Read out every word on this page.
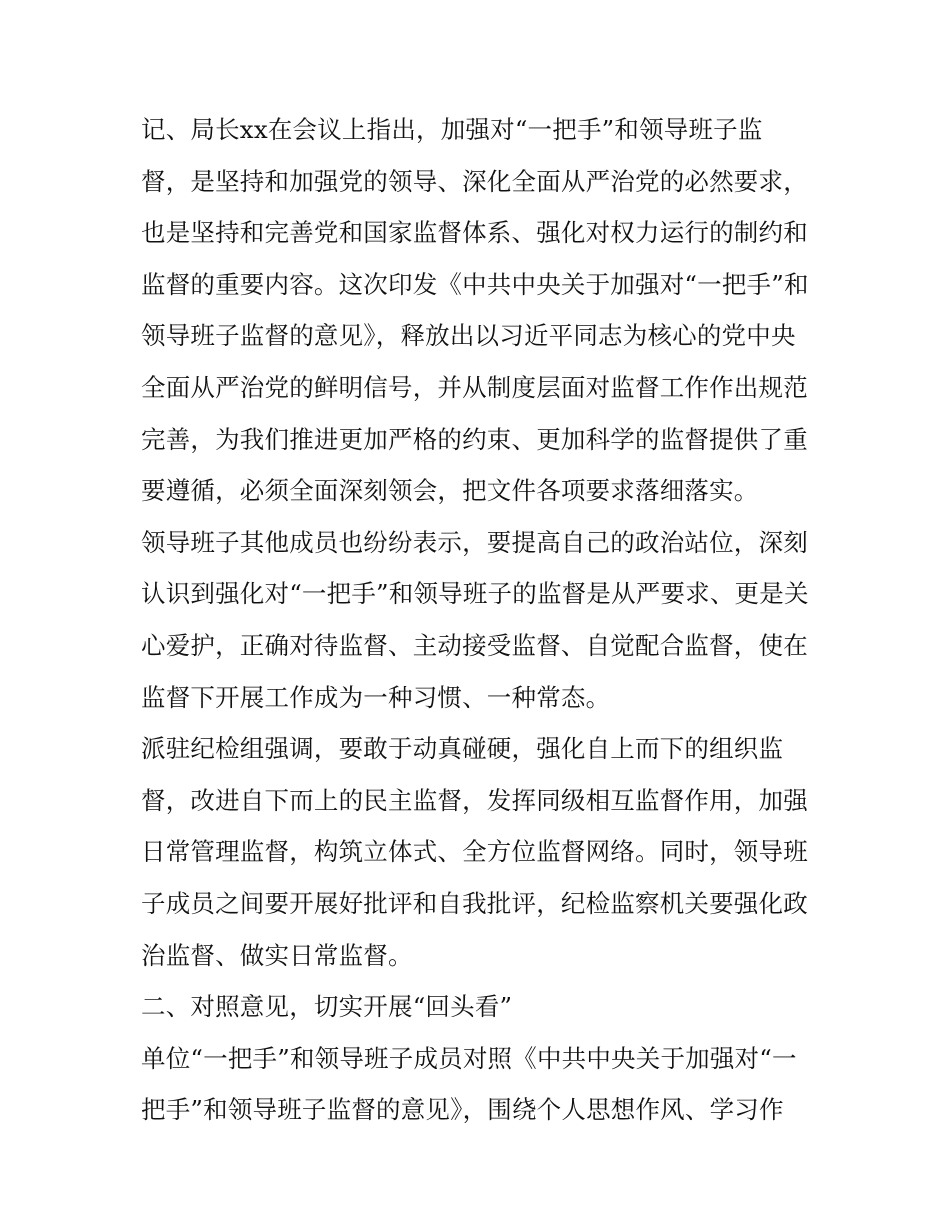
记、局长xx在会议上指出，加强对“一把手”和领导班子监
督，是坚持和加强党的领导、深化全面从严治党的必然要求，
也是坚持和完善党和国家监督体系、强化对权力运行的制约和
监督的重要内容。这次印发《中共中央关于加强对“一把手”和
领导班子监督的意见》，释放出以习近平同志为核心的党中央
全面从严治党的鲜明信号，并从制度层面对监督工作作出规范
完善，为我们推进更加严格的约束、更加科学的监督提供了重
要遵循，必须全面深刻领会，把文件各项要求落细落实。
领导班子其他成员也纷纷表示，要提高自己的政治站位，深刻
认识到强化对“一把手”和领导班子的监督是从严要求、更是关
心爱护，正确对待监督、主动接受监督、自觉配合监督，使在
监督下开展工作成为一种习惯、一种常态。
派驻纪检组强调，要敢于动真碰硬，强化自上而下的组织监
督，改进自下而上的民主监督，发挥同级相互监督作用，加强
日常管理监督，构筑立体式、全方位监督网络。同时，领导班
子成员之间要开展好批评和自我批评，纪检监察机关要强化政
治监督、做实日常监督。
二、对照意见，切实开展“回头看”
单位“一把手”和领导班子成员对照《中共中央关于加强对“一
把手”和领导班子监督的意见》，围绕个人思想作风、学习作
